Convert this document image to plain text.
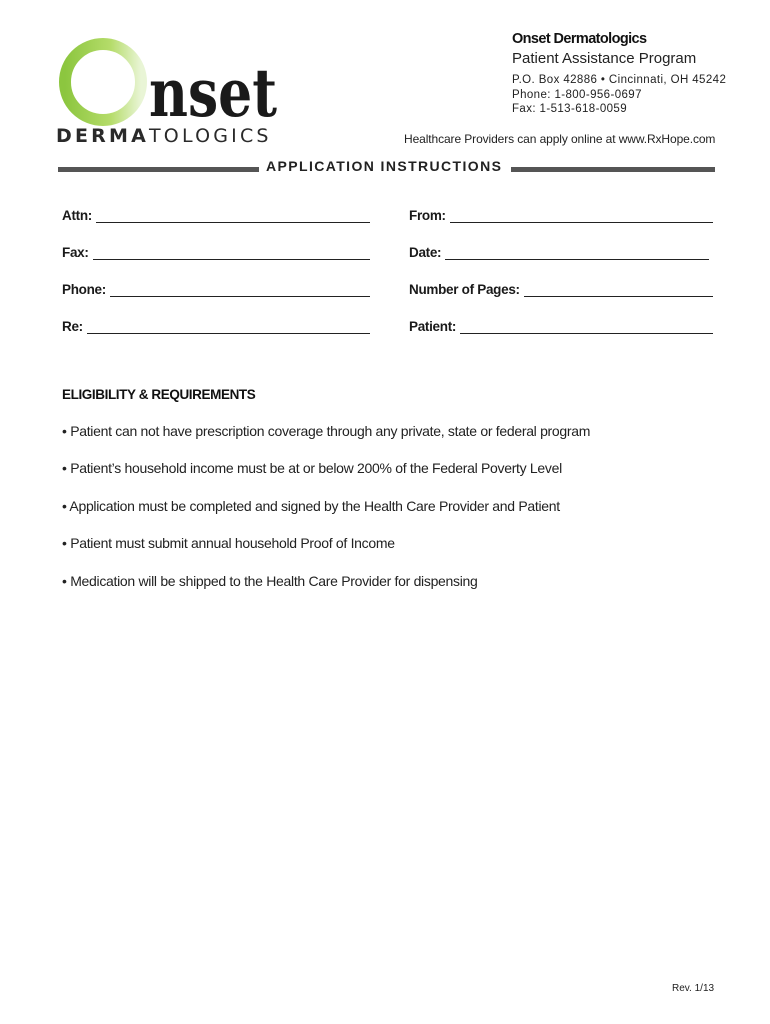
nset
DERMATOLOGICS
Onset Dermatologics
Patient Assistance Program
P.O. Box 42886 • Cincinnati, OH 45242
Phone: 1-800-956-0697
Fax: 1-513-618-0059
Healthcare Providers can apply online at www.RxHope.com
APPLICATION INSTRUCTIONS
Attn:	From:
Fax:	Date:
Phone:	Number of Pages:
Re:	Patient:
ELIGIBILITY & REQUIREMENTS
• Patient can not have prescription coverage through any private, state or federal program
• Patient’s household income must be at or below 200% of the Federal Poverty Level
• Application must be completed and signed by the Health Care Provider and Patient
• Patient must submit annual household Proof of Income
• Medication will be shipped to the Health Care Provider for dispensing
Rev. 1/13
